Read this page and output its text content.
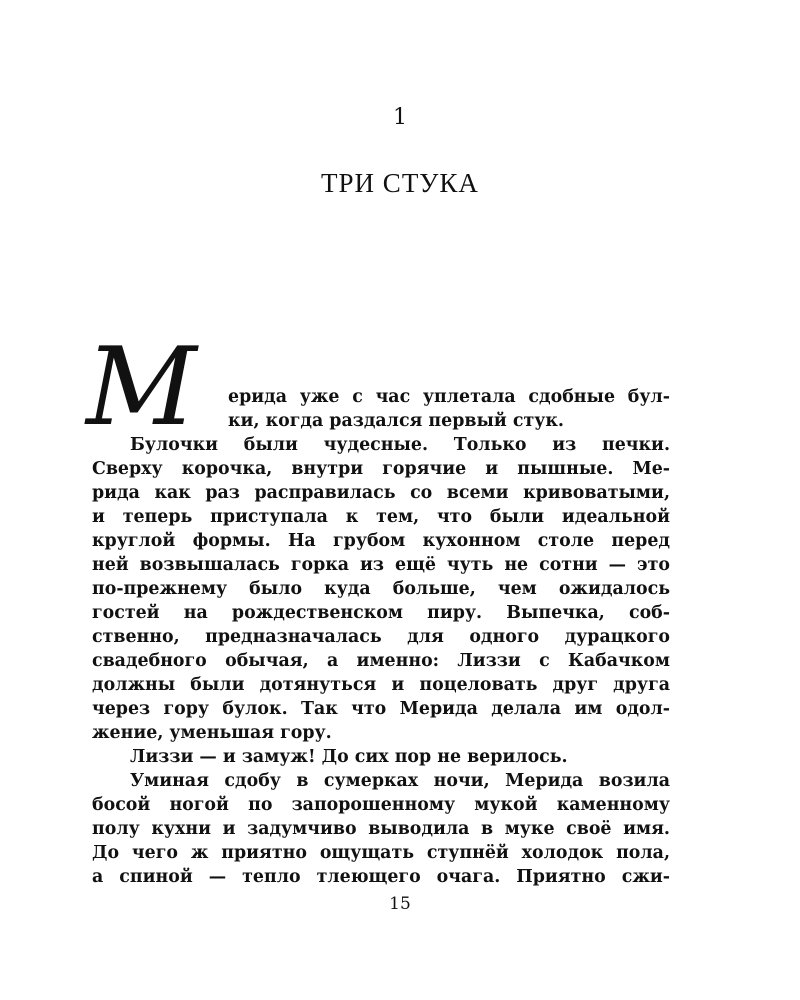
1
ТРИ СТУКА
М ерида уже с час уплетала сдобные бул-
ки, когда раздался первый стук.
Булочки были чудесные. Только из печки.
Сверху корочка, внутри горячие и пышные. Ме-
рида как раз расправилась со всеми кривоватыми,
и теперь приступала к тем, что были идеальной
круглой формы. На грубом кухонном столе перед
ней возвышалась горка из ещё чуть не сотни — это
по-прежнему было куда больше, чем ожидалось
гостей на рождественском пиру. Выпечка, соб-
ственно, предназначалась для одного дурацкого
свадебного обычая, а именно: Лиззи с Кабачком
должны были дотянуться и поцеловать друг друга
через гору булок. Так что Мерида делала им одол-
жение, уменьшая гору.
Лиззи — и замуж! До сих пор не верилось.
Уминая сдобу в сумерках ночи, Мерида возила
босой ногой по запорошенному мукой каменному
полу кухни и задумчиво выводила в муке своё имя.
До чего ж приятно ощущать ступнёй холодок пола,
а спиной — тепло тлеющего очага. Приятно сжи-
15
